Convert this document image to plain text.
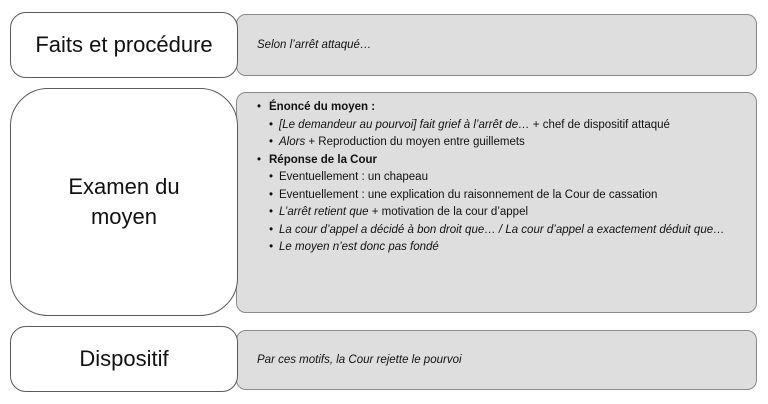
Faits et procédure	Selon l’arrêt attaqué…
Examen du
moyen
• Énoncé du moyen :
• [Le demandeur au pourvoi] fait grief à l’arrêt de… + chef de dispositif attaqué
• Alors + Reproduction du moyen entre guillemets
• Réponse de la Cour
• Eventuellement : un chapeau
• Eventuellement : une explication du raisonnement de la Cour de cassation
• L’arrêt retient que + motivation de la cour d’appel
• La cour d’appel a décidé à bon droit que… / La cour d’appel a exactement déduit que…
• Le moyen n’est donc pas fondé
Dispositif	Par ces motifs, la Cour rejette le pourvoi
